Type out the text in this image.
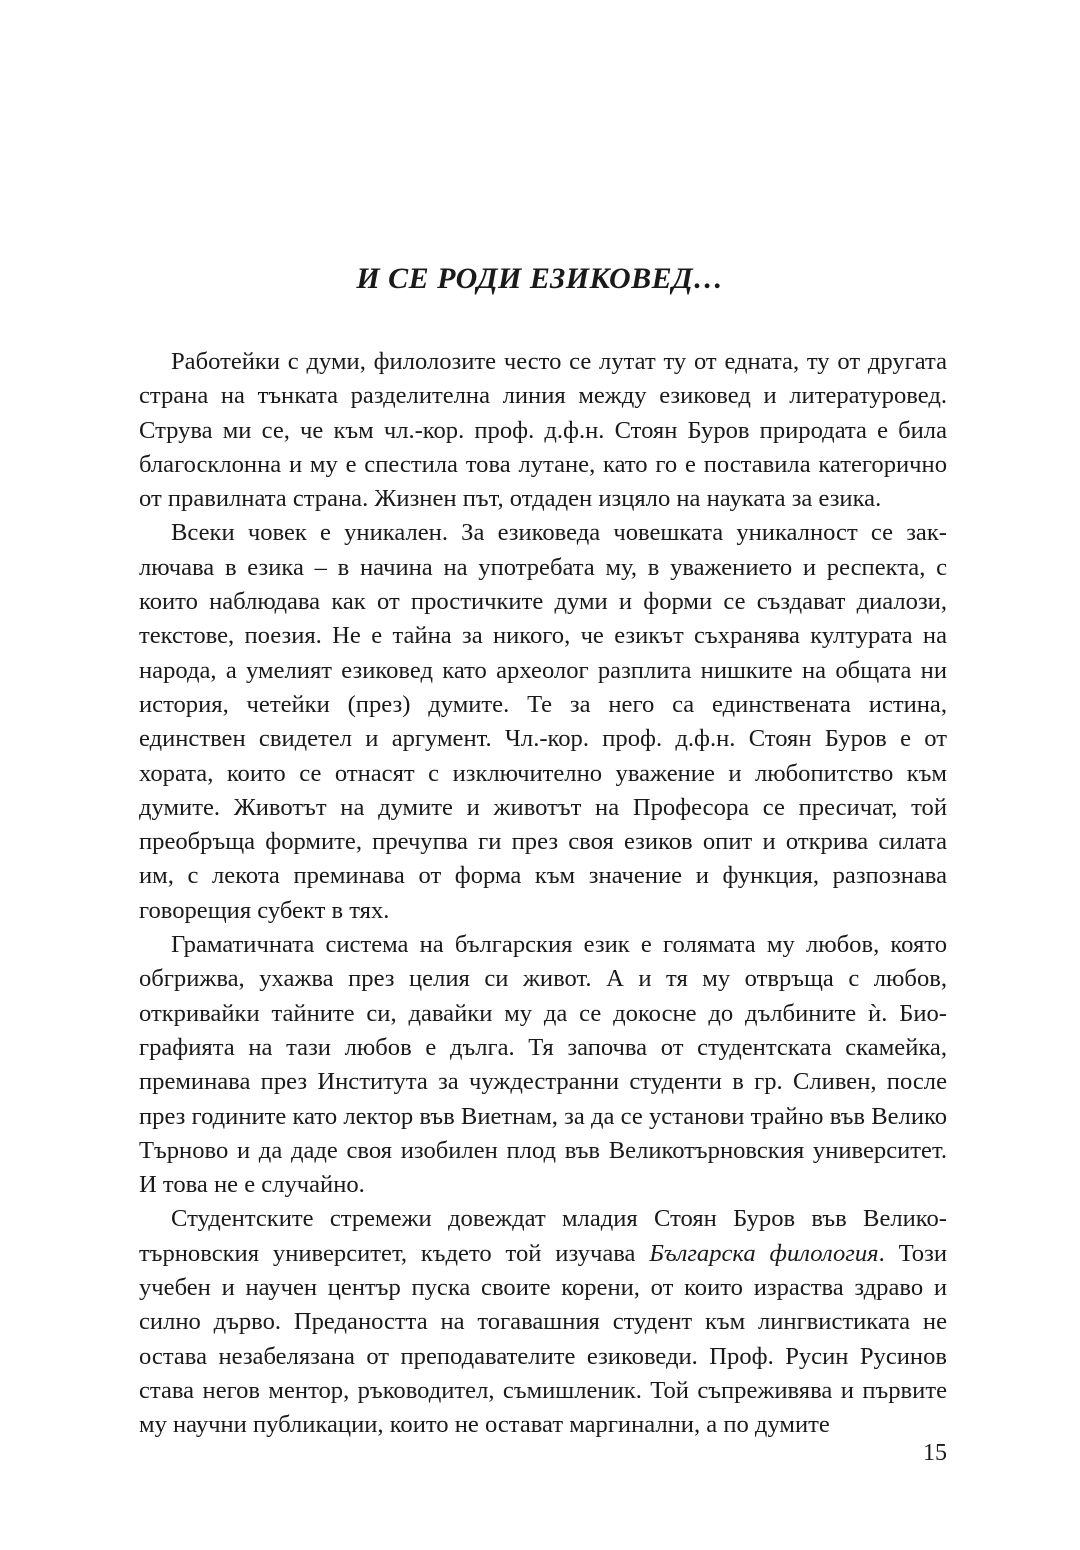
И СЕ РОДИ ЕЗИКОВЕД…

Работейки с думи, филолозите често се лутат ту от едната, ту от другата страна на тънката разделителна линия между езиковед и литературовед. Струва ми се, че към чл.-кор. проф. д.ф.н. Стоян Буров природата е била благосклонна и му е спестила това лутане, като го е поставила категорично от правилната страна. Жизнен път, отдаден изцяло на науката за езика.

Всеки човек е уникален. За езиковеда човешката уникалност се заключава в езика – в начина на употребата му, в уважението и респекта, с които наблюдава как от простичките думи и форми се създават диалози, текстове, поезия. Не е тайна за никого, че езикът съхранява културата на народа, а умелият езиковед като археолог разплита нишките на общата ни история, четейки (през) думите. Те за него са единствената истина, единствен свидетел и аргумент. Чл.-кор. проф. д.ф.н. Стоян Буров е от хората, които се отнасят с изключително уважение и любопитство към думите. Животът на думите и животът на Професора се пресичат, той преобръща формите, пречупва ги през своя езиков опит и открива силата им, с лекота преминава от форма към значение и функция, разпознава говорещия субект в тях.

Граматичната система на българския език е голямата му любов, която обгрижва, ухажва през целия си живот. А и тя му отвръща с любов, откривайки тайните си, давайки му да се докосне до дълбините ѝ. Биографията на тази любов е дълга. Тя започва от студентската скамейка, преминава през Института за чуждестранни студенти в гр. Сливен, после през годините като лектор във Виетнам, за да се установи трайно във Велико Търново и да даде своя изобилен плод във Великотърновския университет. И това не е случайно.

Студентските стремежи довеждат младия Стоян Буров във Великотърновския университет, където той изучава Българска филология. Този учебен и научен център пуска своите корени, от които израства здраво и силно дърво. Предаността на тогавашния студент към лингвистиката не остава незабелязана от преподавателите езиковеди. Проф. Русин Русинов става негов ментор, ръководител, съмишленик. Той съпреживява и първите му научни публикации, които не остават маргинални, а по думите

15
